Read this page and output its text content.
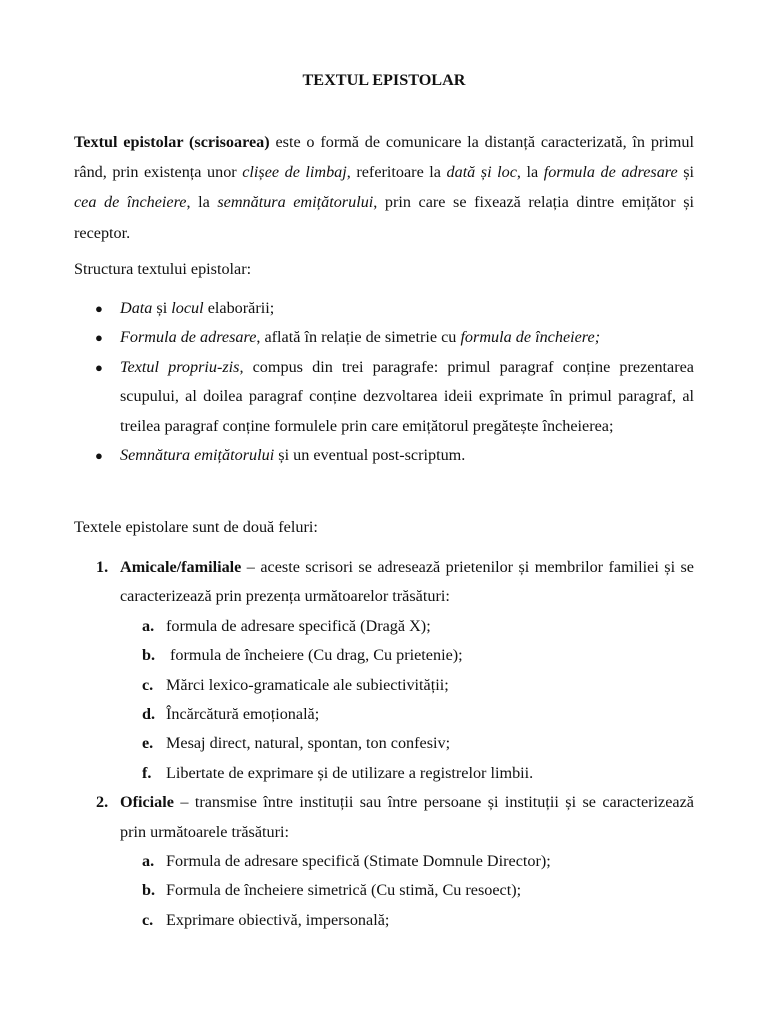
TEXTUL EPISTOLAR

Textul epistolar (scrisoarea) este o formă de comunicare la distanță caracterizată, în primul rând, prin existența unor clișee de limbaj, referitoare la dată și loc, la formula de adresare și cea de încheiere, la semnătura emițătorului, prin care se fixează relația dintre emițător și receptor.

Structura textului epistolar:

● Data și locul elaborării;
● Formula de adresare, aflată în relație de simetrie cu formula de încheiere;
● Textul propriu-zis, compus din trei paragrafe: primul paragraf conține prezentarea scupului, al doilea paragraf conține dezvoltarea ideii exprimate în primul paragraf, al treilea paragraf conține formulele prin care emițătorul pregătește încheierea;
● Semnătura emițătorului și un eventual post-scriptum.

Textele epistolare sunt de două feluri:

1. Amicale/familiale – aceste scrisori se adresează prietenilor și membrilor familiei și se caracterizează prin prezența următoarelor trăsături:
a. formula de adresare specifică (Dragă X);
b. formula de încheiere (Cu drag, Cu prietenie);
c. Mărci lexico-gramaticale ale subiectivității;
d. Încărcătură emoțională;
e. Mesaj direct, natural, spontan, ton confesiv;
f. Libertate de exprimare și de utilizare a registrelor limbii.
2. Oficiale – transmise între instituții sau între persoane și instituții și se caracterizează prin următoarele trăsături:
a. Formula de adresare specifică (Stimate Domnule Director);
b. Formula de încheiere simetrică (Cu stimă, Cu resoect);
c. Exprimare obiectivă, impersonală;
